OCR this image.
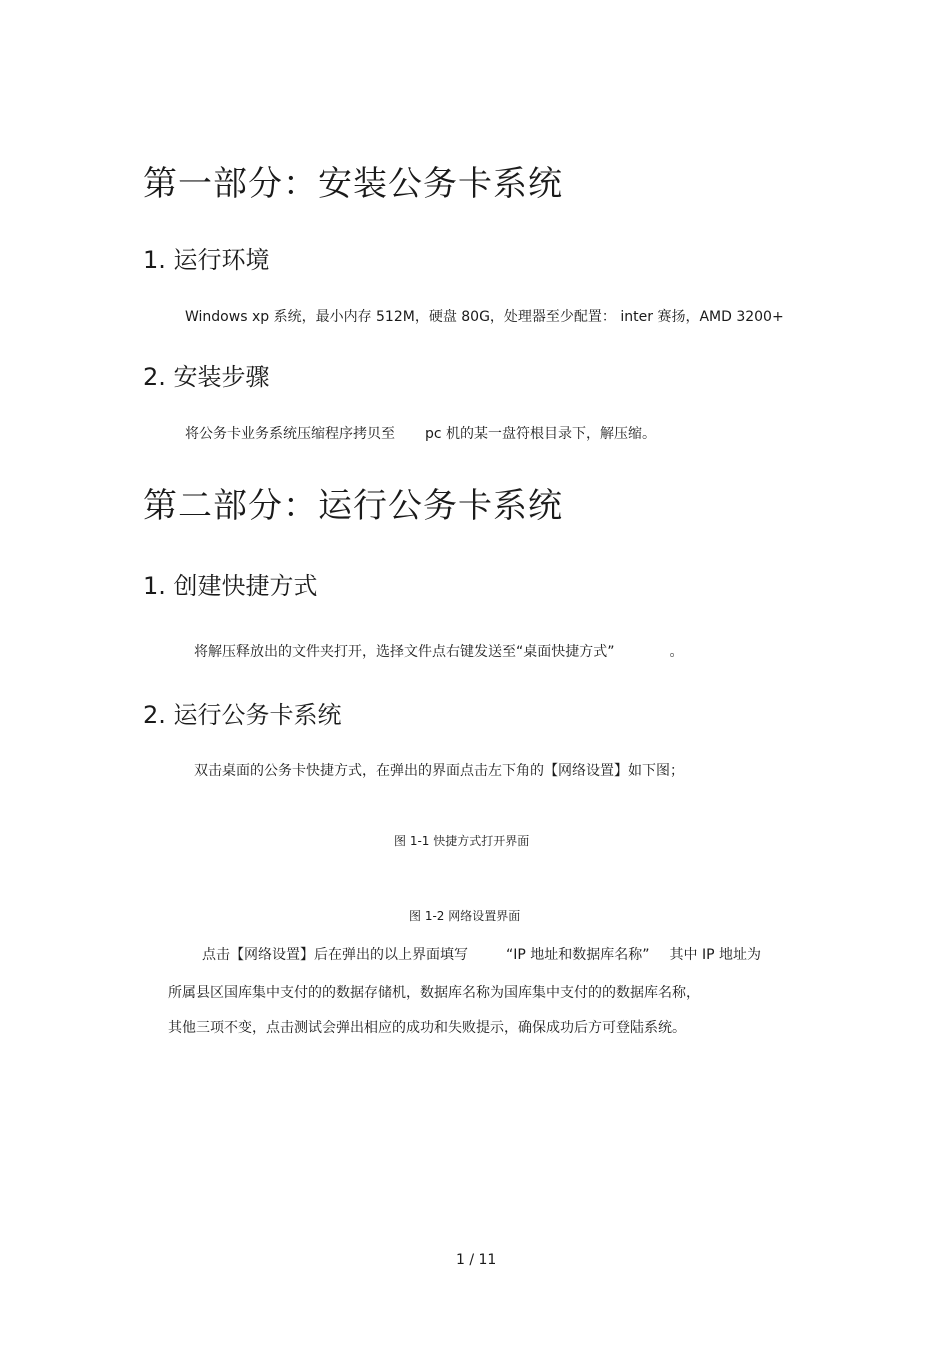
第一部分：安装公务卡系统
1. 运行环境
Windows xp 系统，最小内存 512M，硬盘 80G，处理器至少配置： inter 赛扬，AMD 3200+
2. 安装步骤
将公务卡业务系统压缩程序拷贝至 pc 机的某一盘符根目录下，解压缩。
第二部分：运行公务卡系统
1. 创建快捷方式
将解压释放出的文件夹打开，选择文件点右键发送至“桌面快捷方式”	。
2. 运行公务卡系统
双击桌面的公务卡快捷方式，在弹出的界面点击左下角的【网络设置】如下图；
图 1-1 快捷方式打开界面
图 1-2 网络设置界面
点击【网络设置】后在弹出的以上界面填写	“IP 地址和数据库名称” 其中 IP 地址为
所属县区国库集中支付的的数据存储机，数据库名称为国库集中支付的的数据库名称，
其他三项不变，点击测试会弹出相应的成功和失败提示，确保成功后方可登陆系统。
1 / 11
